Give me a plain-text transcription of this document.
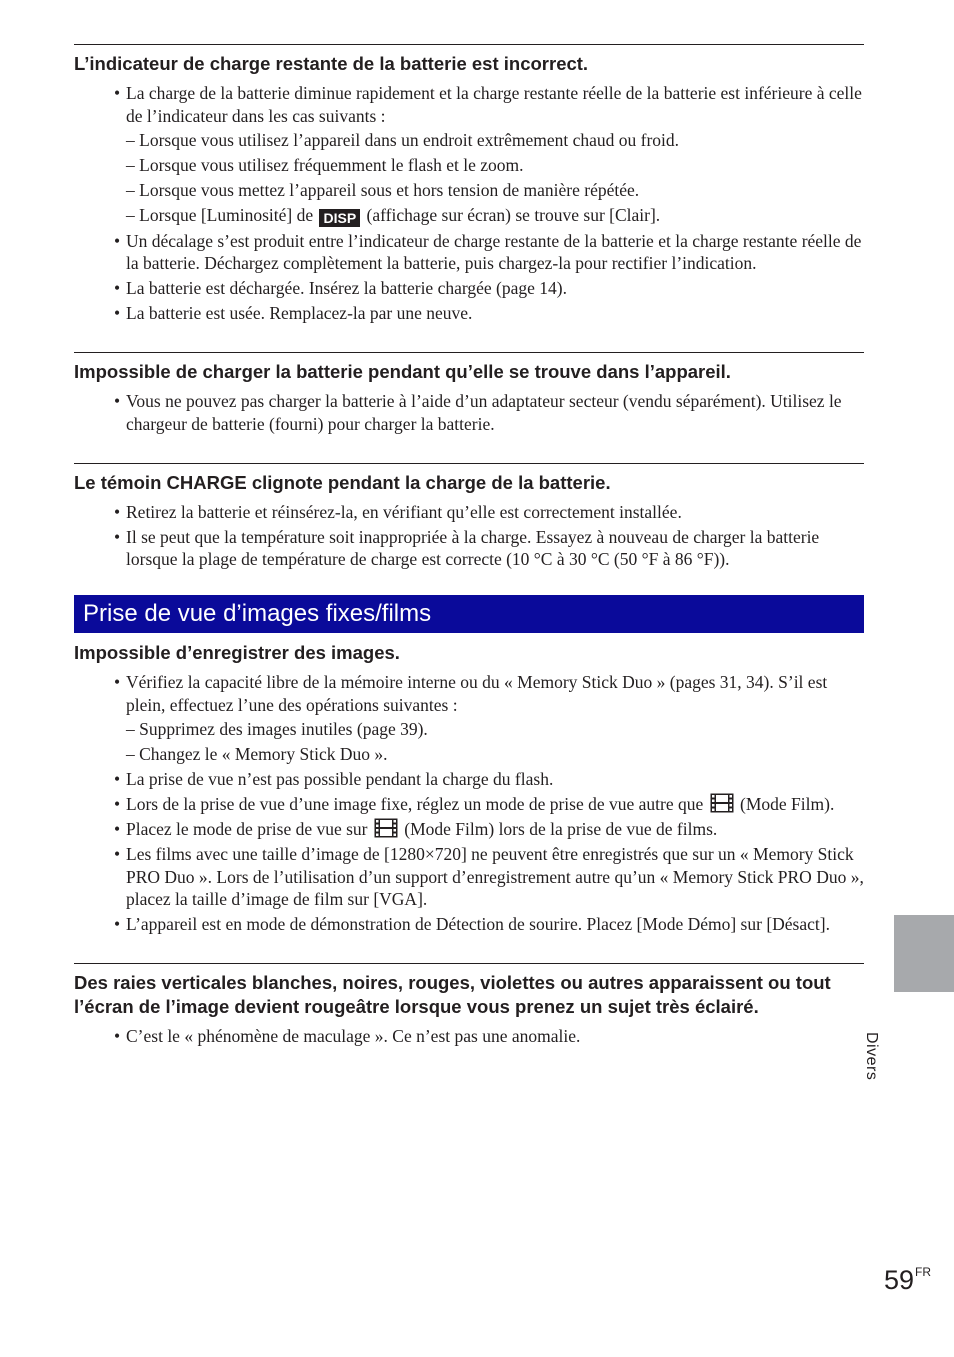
L’indicateur de charge restante de la batterie est incorrect.
• La charge de la batterie diminue rapidement et la charge restante réelle de la batterie est inférieure à celle de l’indicateur dans les cas suivants :
– Lorsque vous utilisez l’appareil dans un endroit extrêmement chaud ou froid.
– Lorsque vous utilisez fréquemment le flash et le zoom.
– Lorsque vous mettez l’appareil sous et hors tension de manière répétée.
– Lorsque [Luminosité] de DISP (affichage sur écran) se trouve sur [Clair].
• Un décalage s’est produit entre l’indicateur de charge restante de la batterie et la charge restante réelle de la batterie. Déchargez complètement la batterie, puis chargez-la pour rectifier l’indication.
• La batterie est déchargée. Insérez la batterie chargée (page 14).
• La batterie est usée. Remplacez-la par une neuve.
Impossible de charger la batterie pendant qu’elle se trouve dans l’appareil.
• Vous ne pouvez pas charger la batterie à l’aide d’un adaptateur secteur (vendu séparément). Utilisez le chargeur de batterie (fourni) pour charger la batterie.
Le témoin CHARGE clignote pendant la charge de la batterie.
• Retirez la batterie et réinsérez-la, en vérifiant qu’elle est correctement installée.
• Il se peut que la température soit inappropriée à la charge. Essayez à nouveau de charger la batterie lorsque la plage de température de charge est correcte (10 °C à 30 °C (50 °F à 86 °F)).
Prise de vue d’images fixes/films
Impossible d’enregistrer des images.
• Vérifiez la capacité libre de la mémoire interne ou du « Memory Stick Duo » (pages 31, 34). S’il est plein, effectuez l’une des opérations suivantes :
– Supprimez des images inutiles (page 39).
– Changez le « Memory Stick Duo ».
• La prise de vue n’est pas possible pendant la charge du flash.
• Lors de la prise de vue d’une image fixe, réglez un mode de prise de vue autre que (Mode Film).
• Placez le mode de prise de vue sur (Mode Film) lors de la prise de vue de films.
• Les films avec une taille d’image de [1280×720] ne peuvent être enregistrés que sur un « Memory Stick PRO Duo ». Lors de l’utilisation d’un support d’enregistrement autre qu’un « Memory Stick PRO Duo », placez la taille d’image de film sur [VGA].
• L’appareil est en mode de démonstration de Détection de sourire. Placez [Mode Démo] sur [Désact].
Des raies verticales blanches, noires, rouges, violettes ou autres apparaissent ou tout l’écran de l’image devient rougeâtre lorsque vous prenez un sujet très éclairé.
• C’est le « phénomène de maculage ». Ce n’est pas une anomalie.	Divers
$59^{FR}$
